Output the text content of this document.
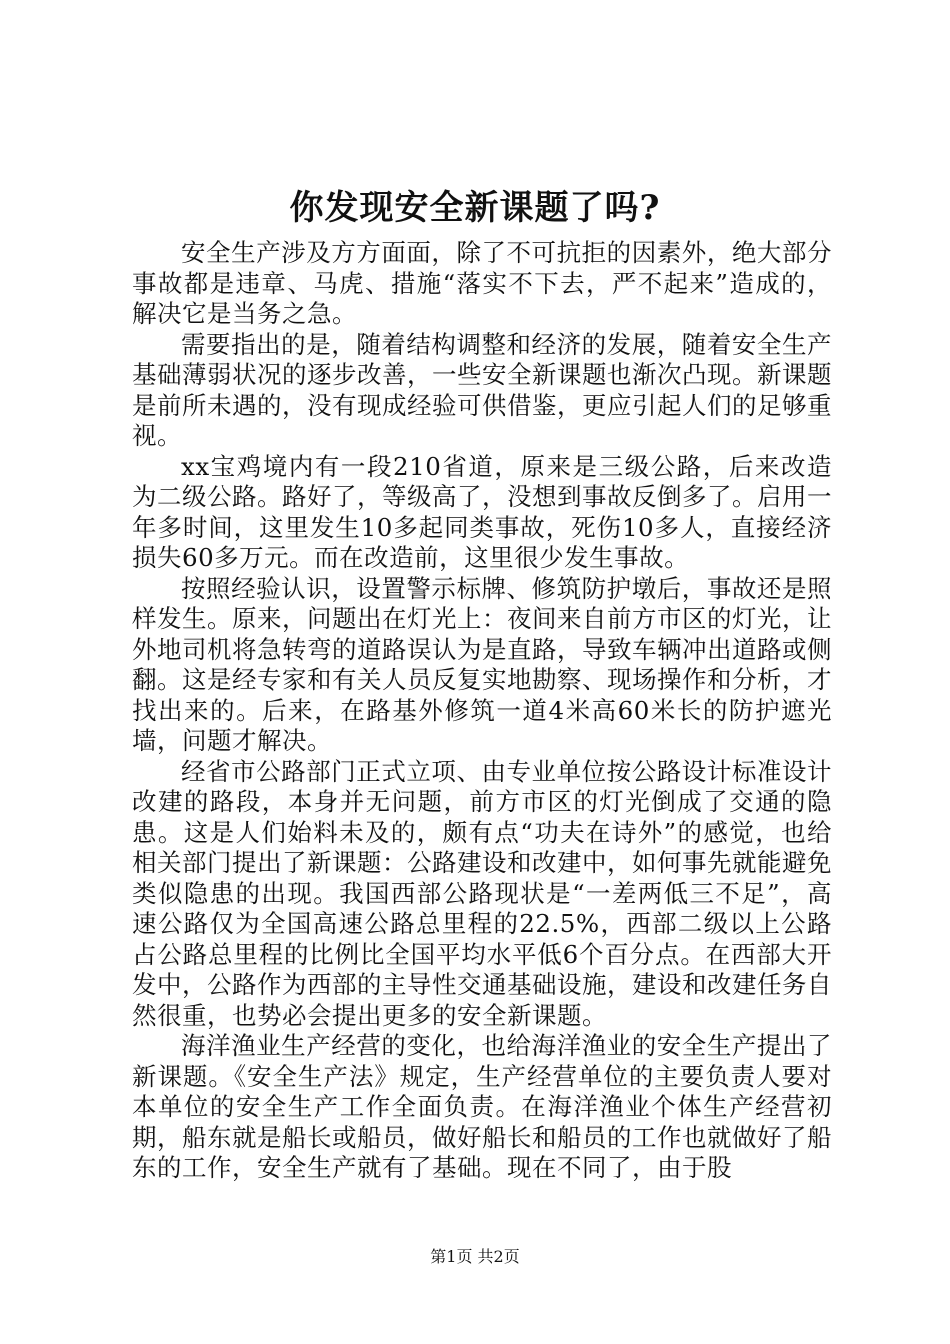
你发现安全新课题了吗?

安全生产涉及方方面面，除了不可抗拒的因素外，绝大部分事故都是违章、马虎、措施“落实不下去，严不起来”造成的，解决它是当务之急。

需要指出的是，随着结构调整和经济的发展，随着安全生产基础薄弱状况的逐步改善，一些安全新课题也渐次凸现。新课题是前所未遇的，没有现成经验可供借鉴，更应引起人们的足够重视。

xx宝鸡境内有一段210省道，原来是三级公路，后来改造为二级公路。路好了，等级高了，没想到事故反倒多了。启用一年多时间，这里发生10多起同类事故，死伤10多人，直接经济损失60多万元。而在改造前，这里很少发生事故。

按照经验认识，设置警示标牌、修筑防护墩后，事故还是照样发生。原来，问题出在灯光上：夜间来自前方市区的灯光，让外地司机将急转弯的道路误认为是直路，导致车辆冲出道路或侧翻。这是经专家和有关人员反复实地勘察、现场操作和分析，才找出来的。后来，在路基外修筑一道4米高60米长的防护遮光墙，问题才解决。

经省市公路部门正式立项、由专业单位按公路设计标准设计改建的路段，本身并无问题，前方市区的灯光倒成了交通的隐患。这是人们始料未及的，颇有点“功夫在诗外”的感觉，也给相关部门提出了新课题：公路建设和改建中，如何事先就能避免类似隐患的出现。我国西部公路现状是“一差两低三不足”，高速公路仅为全国高速公路总里程的22.5%，西部二级以上公路占公路总里程的比例比全国平均水平低6个百分点。在西部大开发中，公路作为西部的主导性交通基础设施，建设和改建任务自然很重，也势必会提出更多的安全新课题。

海洋渔业生产经营的变化，也给海洋渔业的安全生产提出了新课题。《安全生产法》规定，生产经营单位的主要负责人要对本单位的安全生产工作全面负责。在海洋渔业个体生产经营初期，船东就是船长或船员，做好船长和船员的工作也就做好了船东的工作，安全生产就有了基础。现在不同了，由于股

第1页 共2页
